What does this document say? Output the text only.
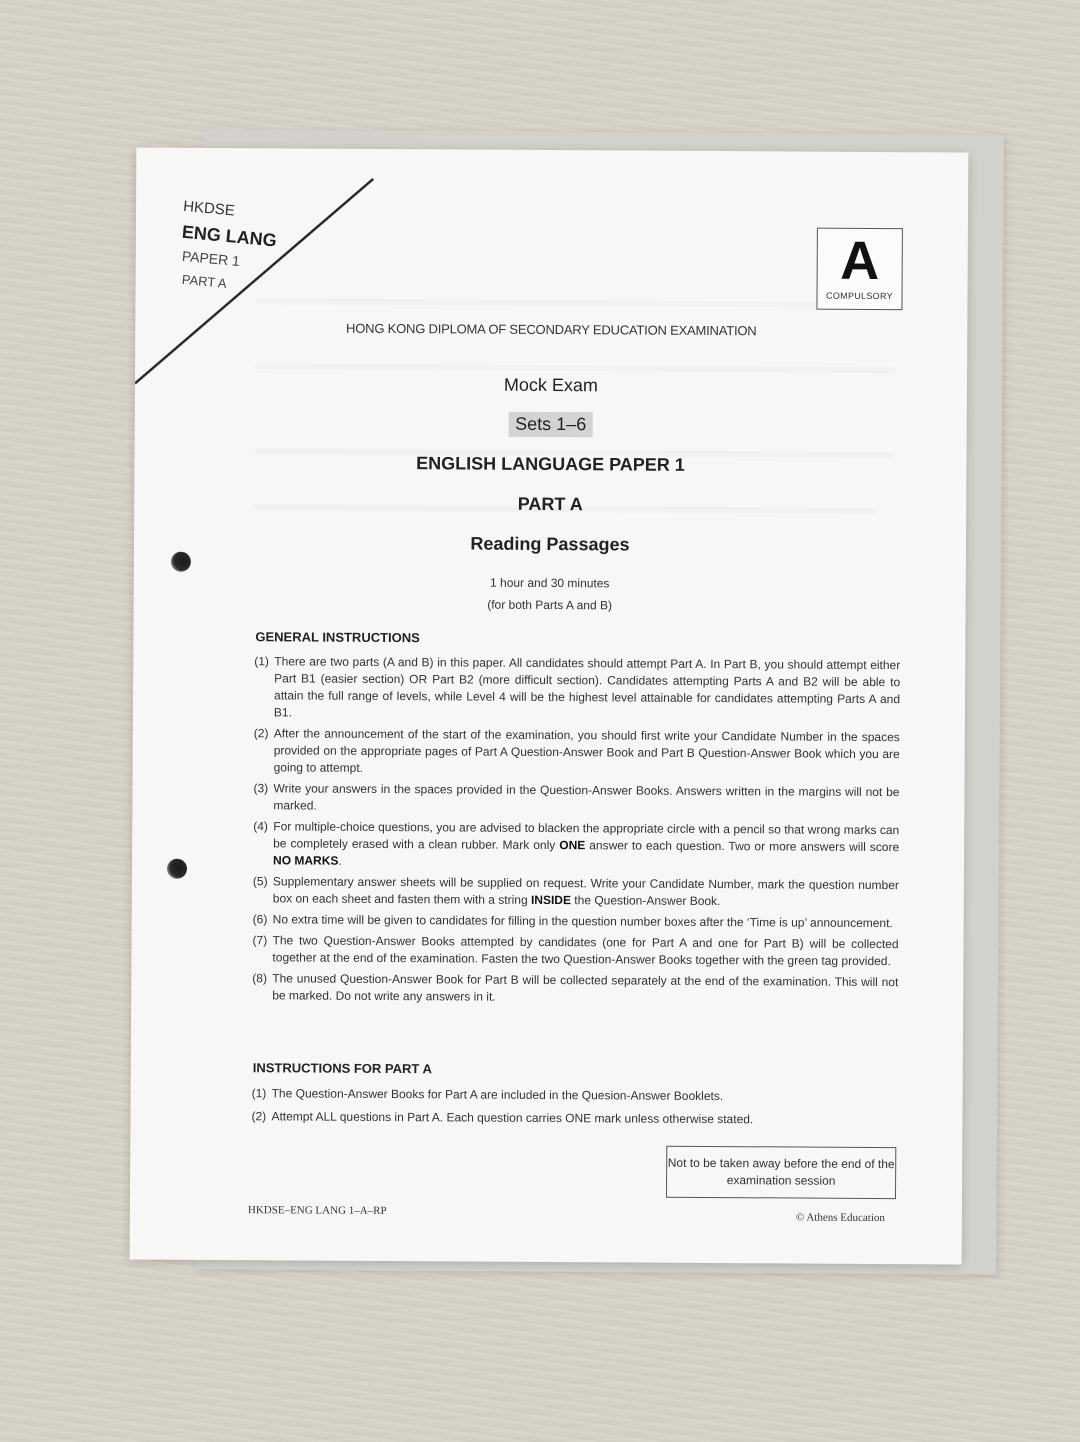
HKDSE
ENG LANG
PAPER 1
PART A	A
COMPULSORY
HONG KONG DIPLOMA OF SECONDARY EDUCATION EXAMINATION
Mock Exam
Sets 1–6
ENGLISH LANGUAGE PAPER 1
PART A
Reading Passages
1 hour and 30 minutes
(for both Parts A and B)
GENERAL INSTRUCTIONS
(1) There are two parts (A and B) in this paper. All candidates should attempt Part A. In Part B, you should attempt either Part B1 (easier section) OR Part B2 (more difficult section). Candidates attempting Parts A and B2 will be able to attain the full range of levels, while Level 4 will be the highest level attainable for candidates attempting Parts A and B1.
(2) After the announcement of the start of the examination, you should first write your Candidate Number in the spaces provided on the appropriate pages of Part A Question-Answer Book and Part B Question-Answer Book which you are going to attempt.
(3) Write your answers in the spaces provided in the Question-Answer Books. Answers written in the margins will not be marked.
(4) For multiple-choice questions, you are advised to blacken the appropriate circle with a pencil so that wrong marks can be completely erased with a clean rubber. Mark only ONE answer to each question. Two or more answers will score NO MARKS.
(5) Supplementary answer sheets will be supplied on request. Write your Candidate Number, mark the question number box on each sheet and fasten them with a string INSIDE the Question-Answer Book.
(6) No extra time will be given to candidates for filling in the question number boxes after the ‘Time is up’ announcement.
(7) The two Question-Answer Books attempted by candidates (one for Part A and one for Part B) will be collected together at the end of the examination. Fasten the two Question-Answer Books together with the green tag provided.
(8) The unused Question-Answer Book for Part B will be collected separately at the end of the examination. This will not be marked. Do not write any answers in it.
INSTRUCTIONS FOR PART A
(1) The Question-Answer Books for Part A are included in the Quesion-Answer Booklets.
(2) Attempt ALL questions in Part A. Each question carries ONE mark unless otherwise stated.
Not to be taken away before the end of the examination session
HKDSE–ENG LANG 1–A–RP
© Athens Education
